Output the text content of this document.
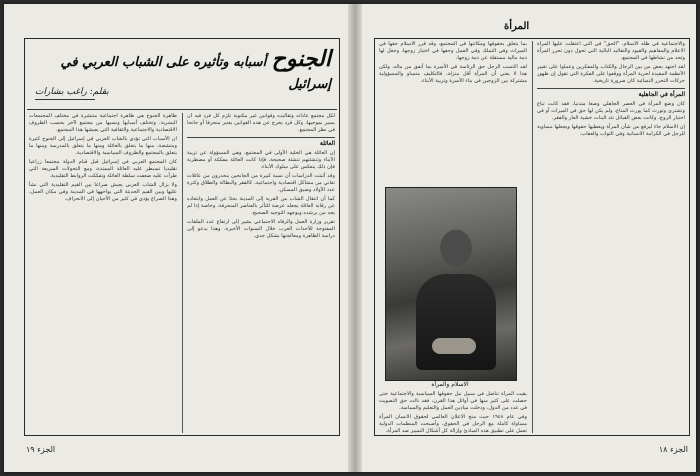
الجنوح أسبابه وتأثيره على الشباب العربي في إسرائيل
بقلم: راغب بشارات

ظاهرة الجنوح هي ظاهرة اجتماعية منتشرة في مختلف المجتمعات البشرية، وتختلف أسبابها ونسبها من مجتمع لآخر بحسب الظروف الاقتصادية والاجتماعية والثقافية التي يعيشها هذا المجتمع.

ان الأسباب التي تؤدي بالشاب العربي في إسرائيل إلى الجنوح كثيرة ومتشعبة، منها ما يتعلق بالعائلة ومنها ما يتعلق بالمدرسة ومنها ما يتعلق بالمجتمع والظروف السياسية والاقتصادية.

كان المجتمع العربي في إسرائيل قبل قيام الدولة مجتمعا زراعيا تقليديا تسيطر عليه العائلة الممتدة، ومع التحولات السريعة التي طرأت عليه ضعفت سلطة العائلة وتفككت الروابط التقليدية.

ولا يزال الشاب العربي يعيش صراعا بين القيم التقليدية التي نشأ عليها وبين القيم الحديثة التي يواجهها في المدينة وفي مكان العمل، وهذا الصراع يؤدي في كثير من الأحيان إلى الانحراف.

لكل مجتمع عاداته وتقاليده وقوانين غير مكتوبة تلزم كل فرد فيه أن يسير بموجبها، وكل فرد يخرج عن هذه القوانين يعتبر منحرفا أو جانحا في نظر المجتمع.

العائلة

إن العائلة هي الخلية الأولى في المجتمع، وهي المسؤولة عن تربية الأبناء وتنشئتهم تنشئة صحيحة، فإذا كانت العائلة مفككة أو مضطربة فإن ذلك ينعكس على سلوك الأبناء.

وقد أثبتت الدراسات أن نسبة كبيرة من الجانحين ينحدرون من عائلات تعاني من مشاكل اقتصادية واجتماعية، كالفقر والبطالة والطلاق وكثرة عدد الأولاد وضيق المسكن.

كما أن انتقال الشاب من القرية إلى المدينة بحثا عن العمل وابتعاده عن رقابة العائلة يجعله عرضة للتأثر بالعناصر المنحرفة، وخاصة إذا لم يجد من يرشده ويوجهه التوجيه الصحيح.

تقرير وزارة العمل والرفاه الاجتماعي يشير إلى ارتفاع عدد الملفات المفتوحة للأحداث العرب خلال السنوات الأخيرة، وهذا يدعو إلى دراسة الظاهرة ومعالجتها بشكل جدي.

الجزء ١٩
المرأة

والاجتماعية في ظله الاسلام. "الحق" في التي اعتقلت عليها المرأة الاعلام والمفاهيم والقيود والتقاليد البالية التي تحول دون تحرر المرأة وتحد من نشاطها في المجتمع.

لقد اجتهد بعض من بين الرجال والكتاب والمفكرين وعملوا على تغيير الأنظمة المقيدة لحرية المرأة ووقفوا على الفكرة التي تقول إن ظهور حركات التحرر النسائية كان ضرورة تاريخية.

المرأة في الجاهلية

كان وضع المرأة في العصر الجاهلي وضعا متدنيا، فقد كانت تباع وتشترى وتورث كما يورث المتاع، ولم يكن لها حق في الميراث أو في اختيار الزوج، وكانت بعض القبائل تئد البنات خشية العار والفقر.

إن الاسلام جاء ليرفع من شأن المرأة ويعطيها حقوقها ويجعلها مساوية للرجل في الكرامة الانسانية وفي الثواب والعقاب.

بما يتعلق بحقوقها ومكانتها في المجتمع، وقد قرر الاسلام حقها في الميراث وفي التملك وفي العمل وحقها في اختيار زوجها، وجعل لها ذمة مالية مستقلة عن ذمة زوجها.

لقد اكتسب الرجل حق الرئاسة في الأسرة بما أنفق من ماله، ولكن هذا لا يعني أن المرأة أقل منزلة، فالتكليف متساو والمسؤولية مشتركة بين الزوجين في بناء الأسرة وتربية الأبناء.

الاسلام والمرأة

بقيت المرأة تناضل في سبيل نيل حقوقها السياسية والاجتماعية حتى حصلت على كثير منها في أوائل هذا القرن، فقد نالت حق التصويت في عدد من الدول، ودخلت ميادين العمل والتعليم والسياسة.

وفي عام ١٩٤٨ حيث منح الاعلان العالمي لحقوق الانسان المرأة مساواة كاملة مع الرجل في الحقوق، وأصبحت المنظمات الدولية تعمل على تطبيق هذه المبادئ وإزالة كل أشكال التمييز ضد المرأة.

الجزء ١٨
